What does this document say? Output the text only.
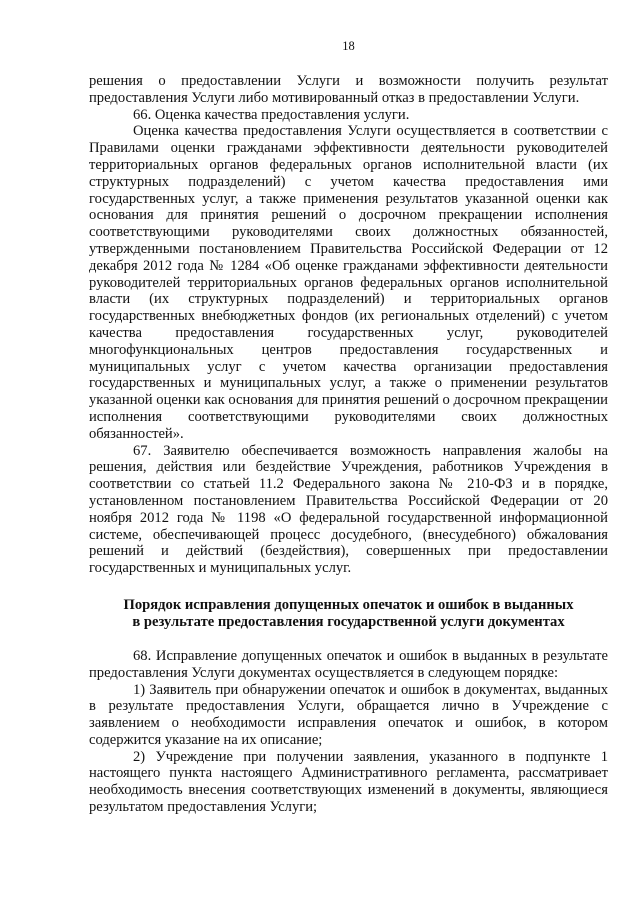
18

решения о предоставлении Услуги и возможности получить результат предоставления Услуги либо мотивированный отказ в предоставлении Услуги.

66. Оценка качества предоставления услуги.

Оценка качества предоставления Услуги осуществляется в соответствии с Правилами оценки гражданами эффективности деятельности руководителей территориальных органов федеральных органов исполнительной власти (их структурных подразделений) с учетом качества предоставления ими государственных услуг, а также применения результатов указанной оценки как основания для принятия решений о досрочном прекращении исполнения соответствующими руководителями своих должностных обязанностей, утвержденными постановлением Правительства Российской Федерации от 12 декабря 2012 года № 1284 «Об оценке гражданами эффективности деятельности руководителей территориальных органов федеральных органов исполнительной власти (их структурных подразделений) и территориальных органов государственных внебюджетных фондов (их региональных отделений) с учетом качества предоставления государственных услуг, руководителей многофункциональных центров предоставления государственных и муниципальных услуг с учетом качества организации предоставления государственных и муниципальных услуг, а также о применении результатов указанной оценки как основания для принятия решений о досрочном прекращении исполнения соответствующими руководителями своих должностных обязанностей».

67. Заявителю обеспечивается возможность направления жалобы на решения, действия или бездействие Учреждения, работников Учреждения в соответствии со статьей 11.2 Федерального закона № 210-ФЗ и в порядке, установленном постановлением Правительства Российской Федерации от 20 ноября 2012 года № 1198 «О федеральной государственной информационной системе, обеспечивающей процесс досудебного, (внесудебного) обжалования решений и действий (бездействия), совершенных при предоставлении государственных и муниципальных услуг.

Порядок исправления допущенных опечаток и ошибок в выданных
в результате предоставления государственной услуги документах

68. Исправление допущенных опечаток и ошибок в выданных в результате предоставления Услуги документах осуществляется в следующем порядке:

1) Заявитель при обнаружении опечаток и ошибок в документах, выданных в результате предоставления Услуги, обращается лично в Учреждение с заявлением о необходимости исправления опечаток и ошибок, в котором содержится указание на их описание;

2) Учреждение при получении заявления, указанного в подпункте 1 настоящего пункта настоящего Административного регламента, рассматривает необходимость внесения соответствующих изменений в документы, являющиеся результатом предоставления Услуги;
